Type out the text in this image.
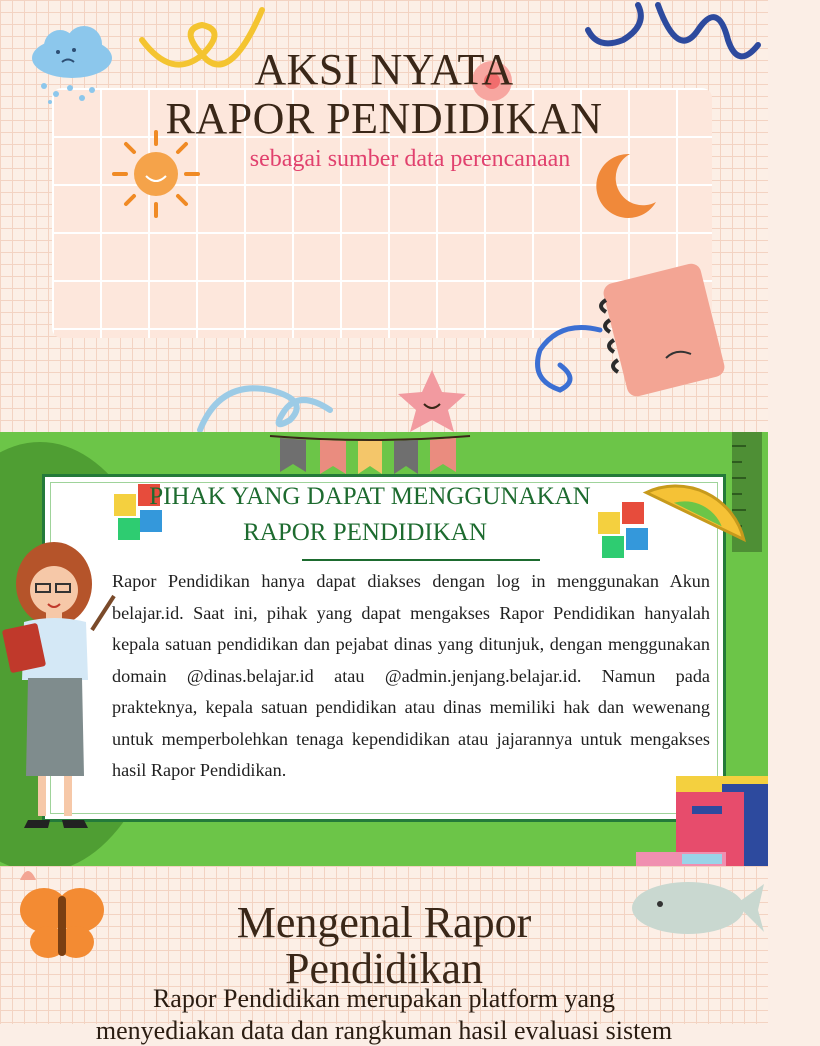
AKSI NYATA
RAPOR PENDIDIKAN
sebagai sumber data perencanaan
PIHAK YANG DAPAT MENGGUNAKAN
RAPOR PENDIDIKAN

Rapor Pendidikan hanya dapat diakses dengan log in menggunakan Akun belajar.id. Saat ini, pihak yang dapat mengakses Rapor Pendidikan hanyalah kepala satuan pendidikan dan pejabat dinas yang ditunjuk, dengan menggunakan domain @dinas.belajar.id atau @admin.jenjang.belajar.id. Namun pada prakteknya, kepala satuan pendidikan atau dinas memiliki hak dan wewenang untuk memperbolehkan tenaga kependidikan atau jajarannya untuk mengakses hasil Rapor Pendidikan.

Mengenal Rapor
Pendidikan
Rapor Pendidikan merupakan platform yang
menyediakan data dan rangkuman hasil evaluasi sistem
